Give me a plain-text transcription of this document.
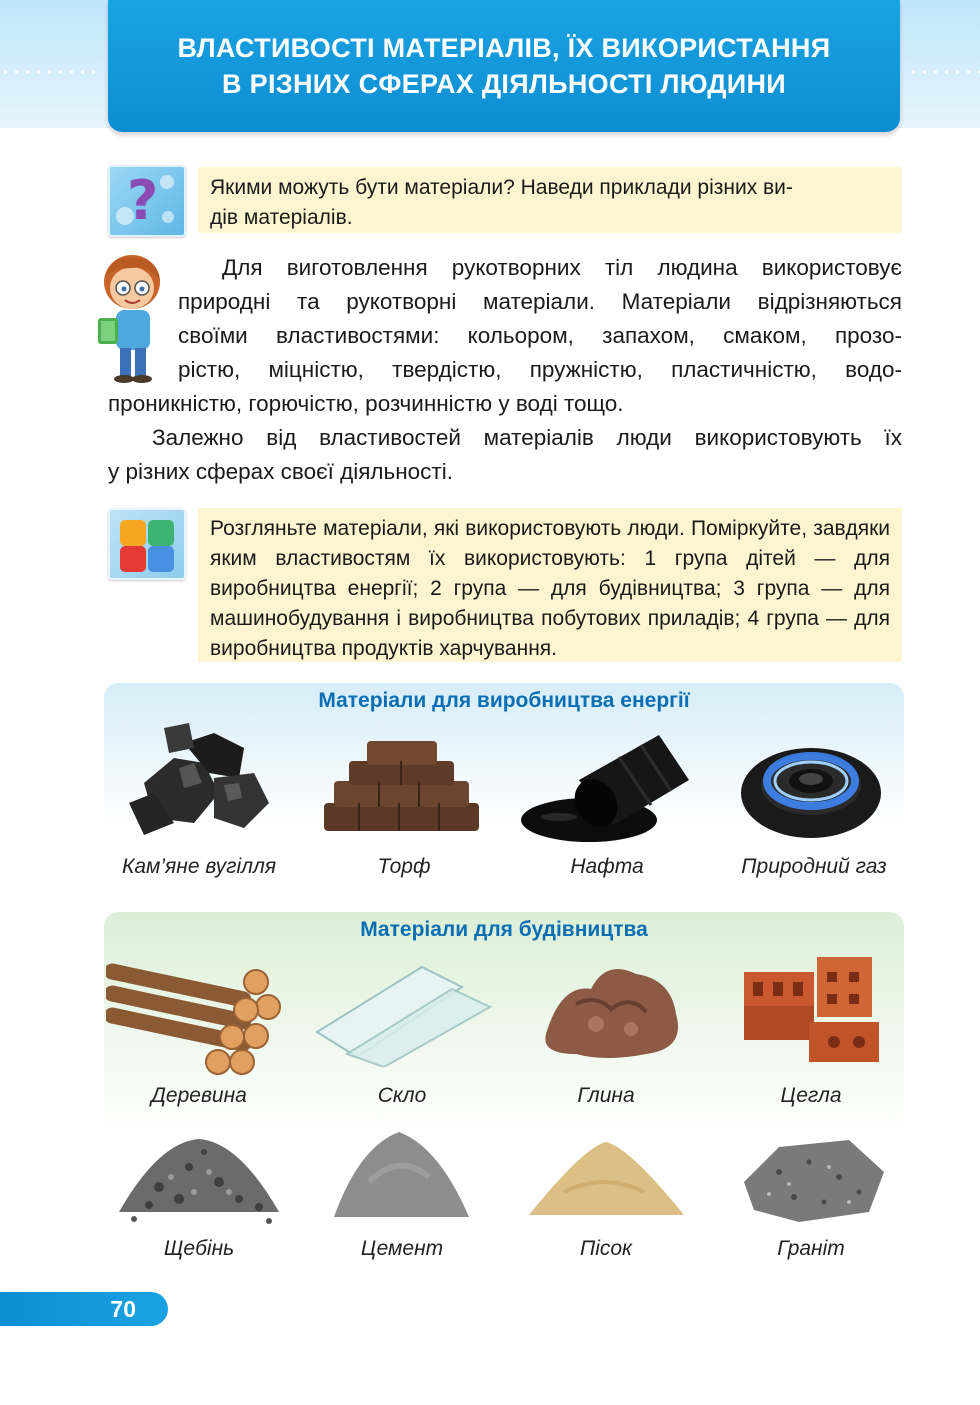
ВЛАСТИВОСТІ МАТЕРІАЛІВ, ЇХ ВИКОРИСТАННЯ
В РІЗНИХ СФЕРАХ ДІЯЛЬНОСТІ ЛЮДИНИ
? Якими можуть бути матеріали? Наведи приклади різних ви-
дів матеріалів.
Для виготовлення рукотворних тіл людина використовує
природні та рукотворні матеріали. Матеріали відрізняються
своїми властивостями: кольором, запахом, смаком, прозо-
рістю, міцністю, твердістю, пружністю, пластичністю, водо-
проникністю, горючістю, розчинністю у воді тощо.
Залежно від властивостей матеріалів люди використовують їх
у різних сферах своєї діяльності.
Розгляньте матеріали, які використовують люди. Поміркуйте, завдяки яким властивостям їх використовують: 1 група дітей — для виробництва енергії; 2 група — для будівництва; 3 група — для машинобудування і виробництва побутових приладів; 4 група — для виробництва продуктів харчування.
Матеріали для виробництва енергії
Кам’яне вугілля	Торф	Нафта	Природний газ
Матеріали для будівництва
Деревина	Скло	Глина	Цегла
Щебінь	Цемент	Пісок	Граніт
70
